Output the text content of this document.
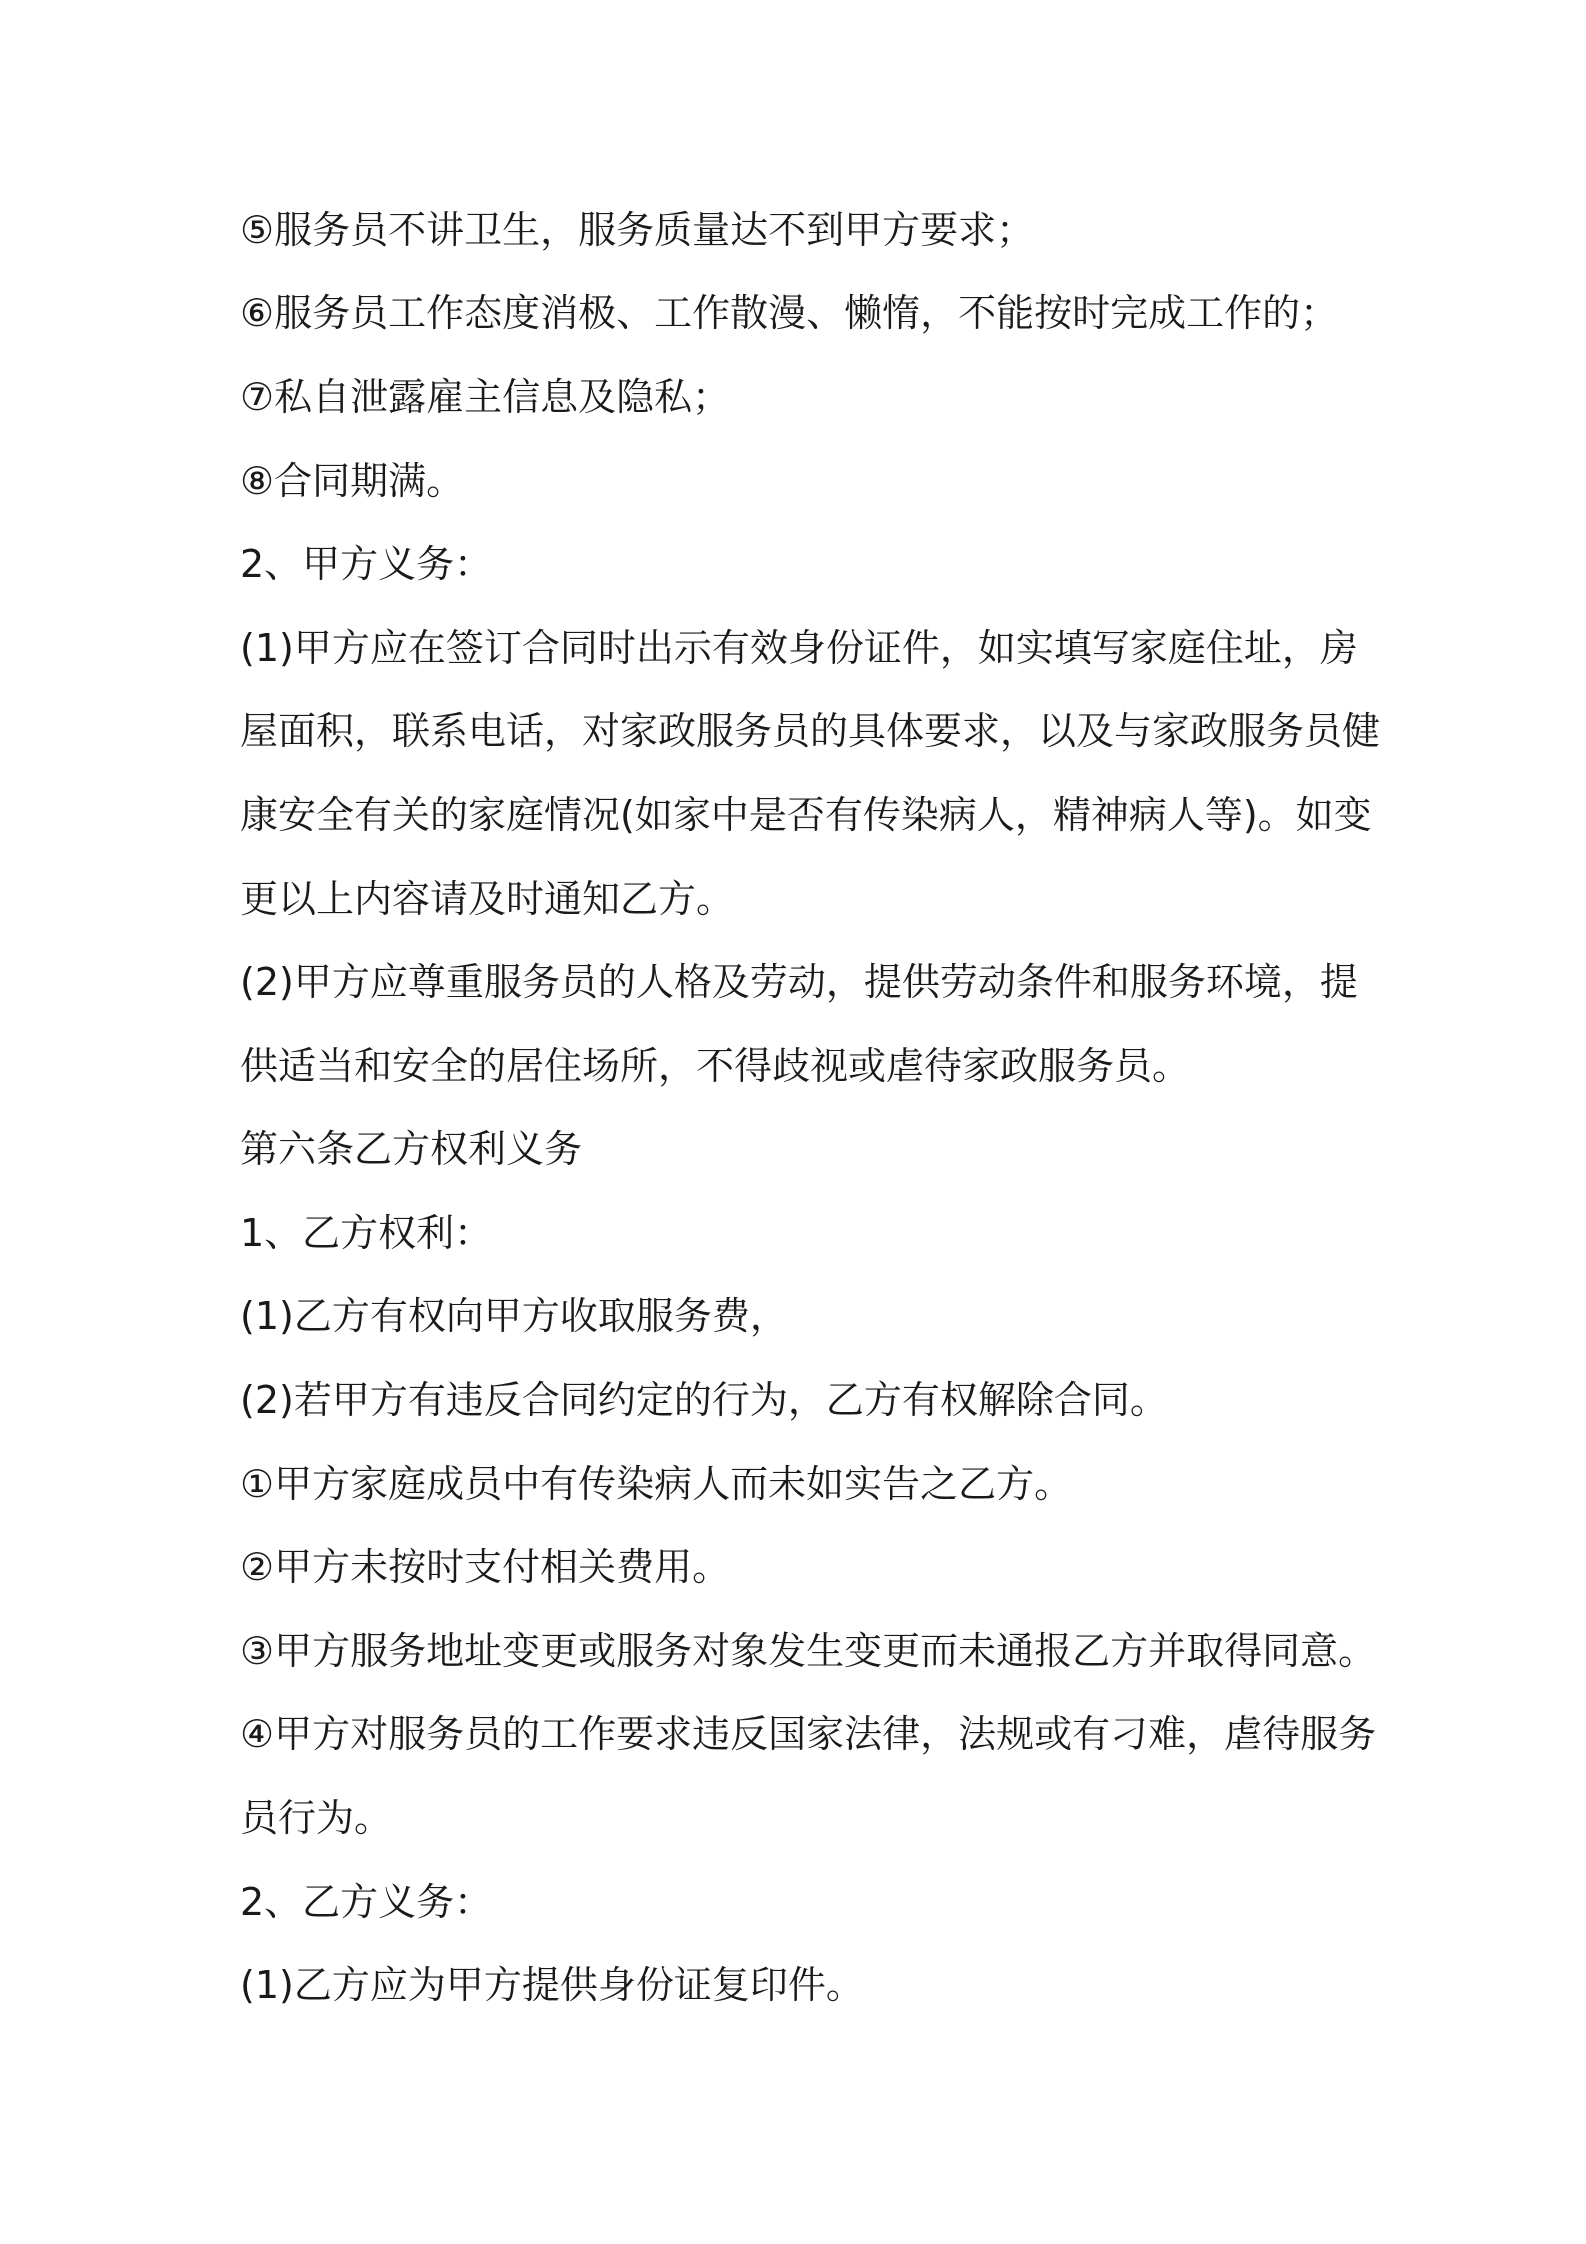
⑤服务员不讲卫生，服务质量达不到甲方要求；
⑥服务员工作态度消极、工作散漫、懒惰，不能按时完成工作的；
⑦私自泄露雇主信息及隐私；
⑧合同期满。
2、甲方义务：
(1)甲方应在签订合同时出示有效身份证件，如实填写家庭住址，房
屋面积，联系电话，对家政服务员的具体要求，以及与家政服务员健
康安全有关的家庭情况(如家中是否有传染病人，精神病人等)。如变
更以上内容请及时通知乙方。
(2)甲方应尊重服务员的人格及劳动，提供劳动条件和服务环境，提
供适当和安全的居住场所，不得歧视或虐待家政服务员。
第六条乙方权利义务
1、乙方权利：
(1)乙方有权向甲方收取服务费，
(2)若甲方有违反合同约定的行为，乙方有权解除合同。
①甲方家庭成员中有传染病人而未如实告之乙方。
②甲方未按时支付相关费用。
③甲方服务地址变更或服务对象发生变更而未通报乙方并取得同意。
④甲方对服务员的工作要求违反国家法律，法规或有刁难，虐待服务
员行为。
2、乙方义务：
(1)乙方应为甲方提供身份证复印件。
